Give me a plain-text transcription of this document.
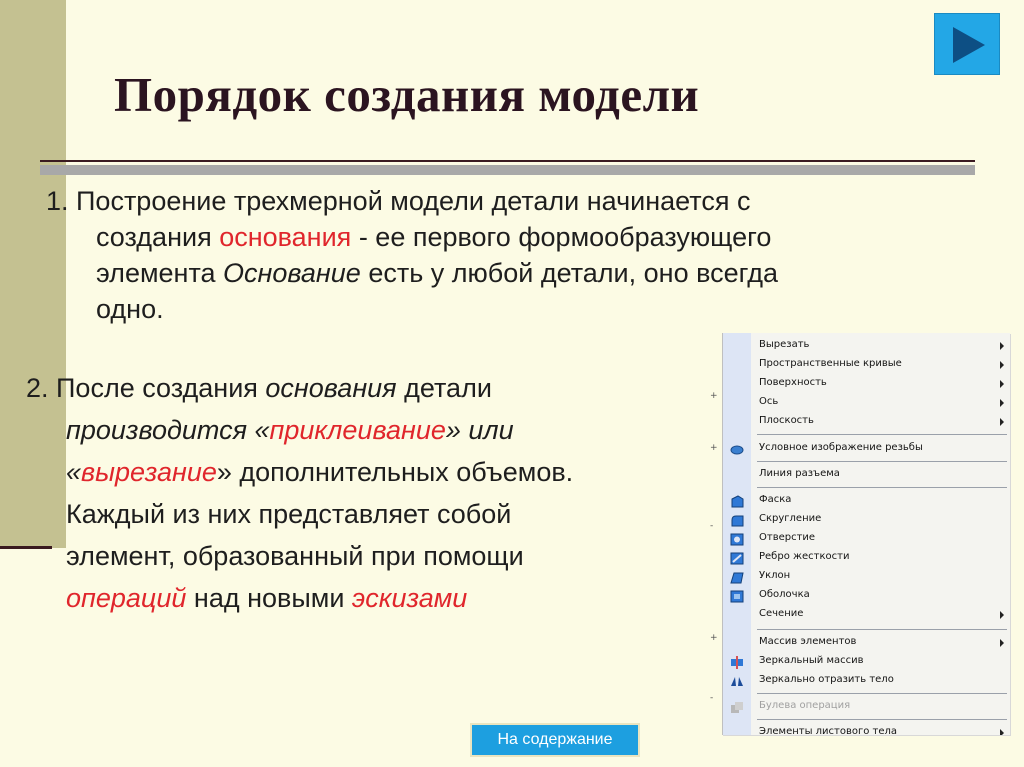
Порядок создания модели
1. Построение трехмерной модели детали начинается с
создания основания - ее первого формообразующего
элемента Основание есть у любой детали, оно всегда
одно.
2. После создания основания детали
производится «приклеивание» или
«вырезание» дополнительных объемов.
Каждый из них представляет собой
элемент, образованный при помощи
операций над новыми эскизами
+
+
-
+
-
Вырезать
Пространственные кривые
Поверхность
Ось
Плоскость
Условное изображение резьбы
Линия разъема
Фаска
Скругление
Отверстие
Ребро жесткости
Уклон
Оболочка
Сечение
Массив элементов
Зеркальный массив
Зеркально отразить тело
Булева операция
Элементы листового тела
На содержание
